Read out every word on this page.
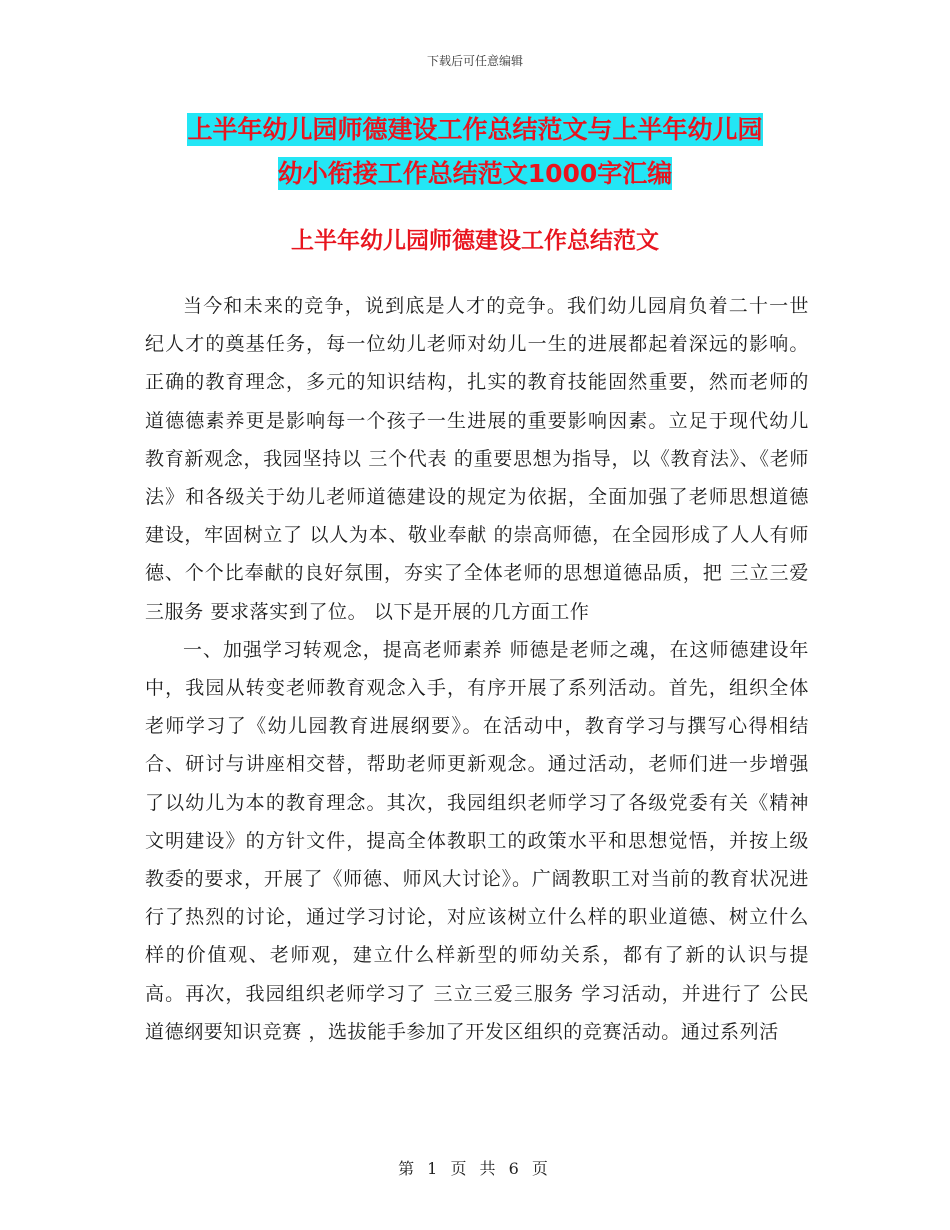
下载后可任意编辑
上半年幼儿园师德建设工作总结范文与上半年幼儿园
幼小衔接工作总结范文1000字汇编
上半年幼儿园师德建设工作总结范文

当今和未来的竞争，说到底是人才的竞争。我们幼儿园肩负着二十一世纪人才的奠基任务，每一位幼儿老师对幼儿一生的进展都起着深远的影响。正确的教育理念，多元的知识结构，扎实的教育技能固然重要，然而老师的道德德素养更是影响每一个孩子一生进展的重要影响因素。立足于现代幼儿教育新观念，我园坚持以 三个代表 的重要思想为指导，以《教育法》、《老师法》和各级关于幼儿老师道德建设的规定为依据，全面加强了老师思想道德建设，牢固树立了 以人为本、敬业奉献 的崇高师德，在全园形成了人人有师德、个个比奉献的良好氛围，夯实了全体老师的思想道德品质，把 三立三爱三服务 要求落实到了位。 以下是开展的几方面工作

一、加强学习转观念，提高老师素养 师德是老师之魂，在这师德建设年中，我园从转变老师教育观念入手，有序开展了系列活动。首先，组织全体老师学习了《幼儿园教育进展纲要》。在活动中，教育学习与撰写心得相结合、研讨与讲座相交替，帮助老师更新观念。通过活动，老师们进一步增强了以幼儿为本的教育理念。其次，我园组织老师学习了各级党委有关《精神文明建设》的方针文件，提高全体教职工的政策水平和思想觉悟，并按上级教委的要求，开展了《师德、师风大讨论》。广阔教职工对当前的教育状况进行了热烈的讨论，通过学习讨论，对应该树立什么样的职业道德、树立什么样的价值观、老师观，建立什么样新型的师幼关系，都有了新的认识与提高。再次，我园组织老师学习了 三立三爱三服务 学习活动，并进行了 公民道德纲要知识竞赛 ，选拔能手参加了开发区组织的竞赛活动。通过系列活

第 1 页 共 6 页
